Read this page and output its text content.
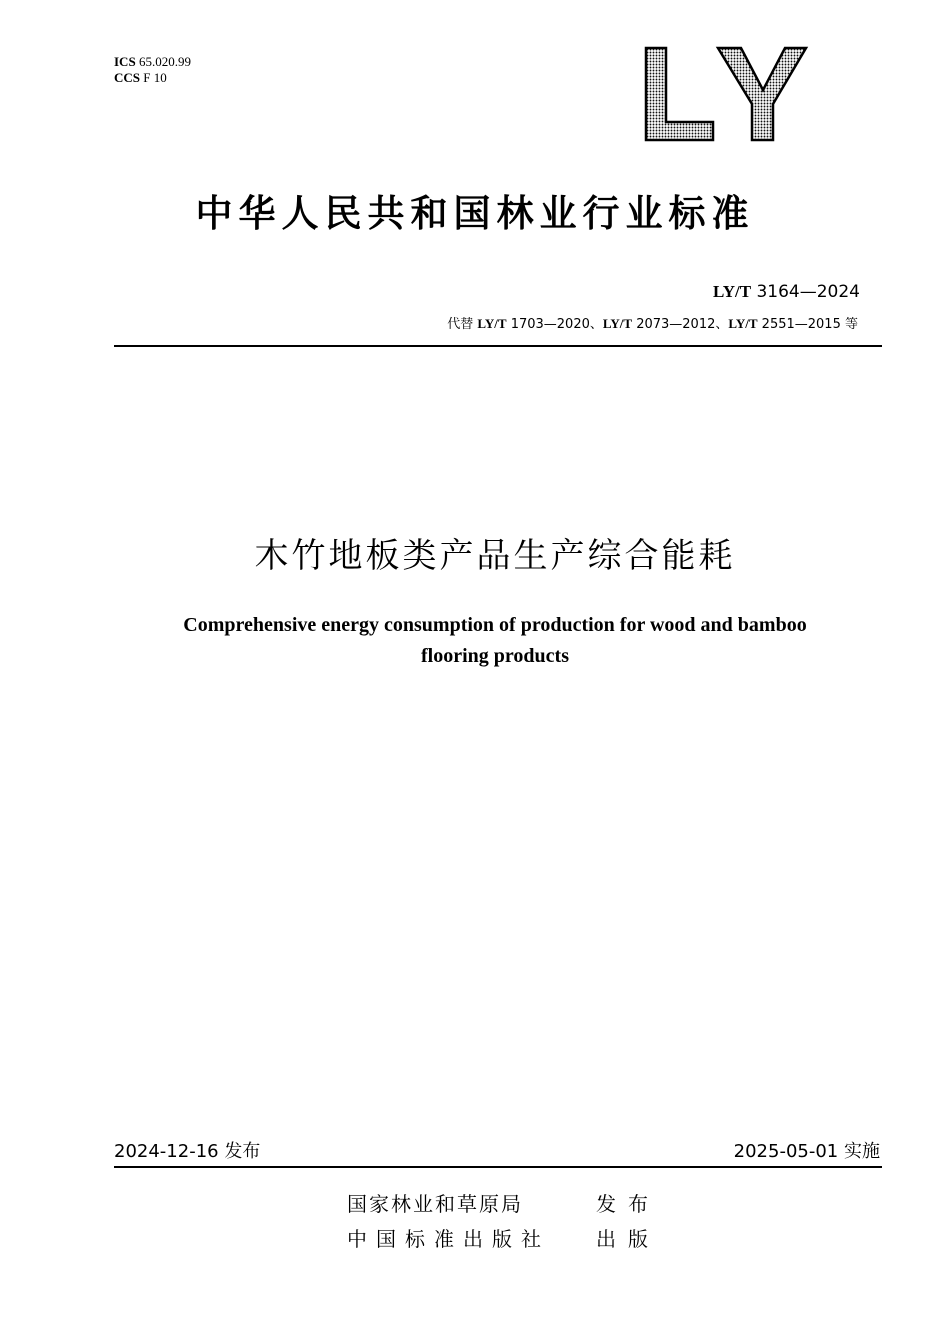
ICS 65.020.99
CCS F 10
中华人民共和国林业行业标准
LY/T 3164—2024
代替 LY/T 1703—2020、LY/T 2073—2012、LY/T 2551—2015 等
木竹地板类产品生产综合能耗
Comprehensive energy consumption of production for wood and bamboo
flooring products
2024-12-16 发布	2025-05-01 实施
国家林业和草原局	发布
中国标准出版社 出版
